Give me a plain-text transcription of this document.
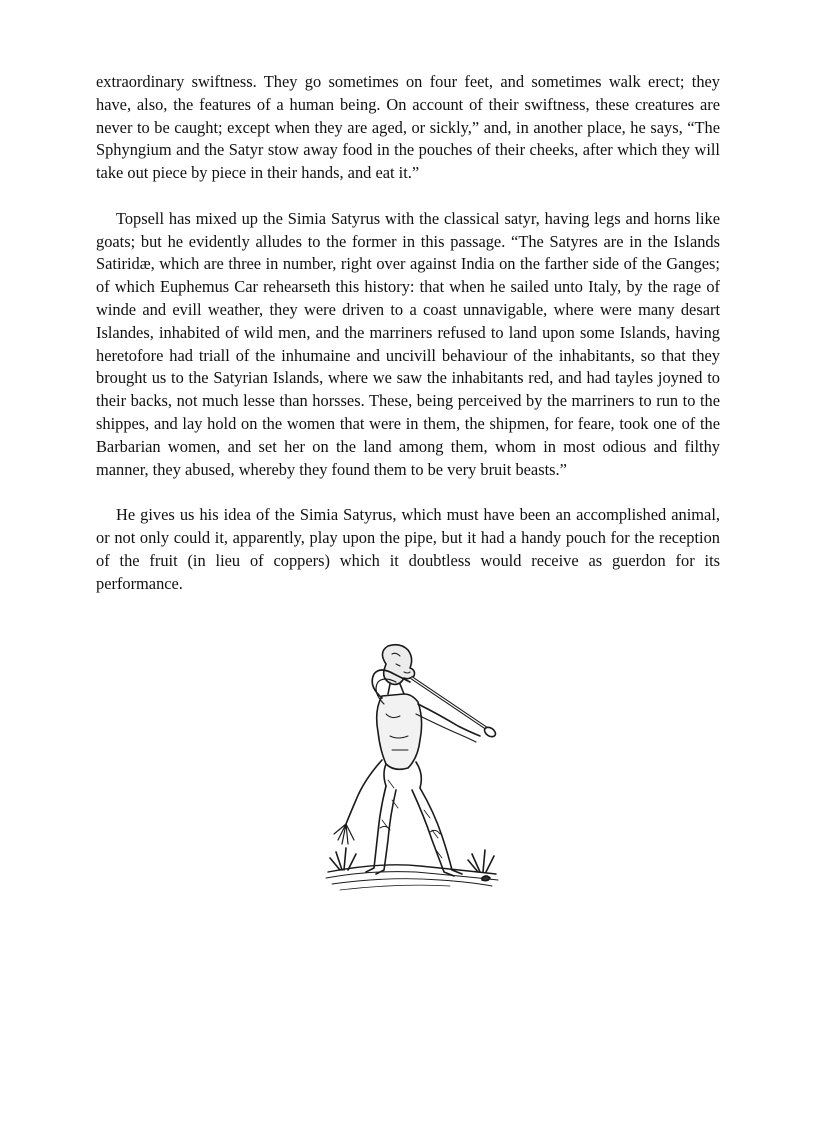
extraordinary swiftness. They go sometimes on four feet, and sometimes walk erect; they have, also, the features of a human being. On account of their swiftness, these creatures are never to be caught; except when they are aged, or sickly,” and, in another place, he says, “The Sphyngium and the Satyr stow away food in the pouches of their cheeks, after which they will take out piece by piece in their hands, and eat it.”

Topsell has mixed up the Simia Satyrus with the classical satyr, having legs and horns like goats; but he evidently alludes to the former in this passage. “The Satyres are in the Islands Satiridæ, which are three in number, right over against India on the farther side of the Ganges; of which Euphemus Car rehearseth this history: that when he sailed unto Italy, by the rage of winde and evill weather, they were driven to a coast unnavigable, where were many desart Islandes, inhabited of wild men, and the marriners refused to land upon some Islands, having heretofore had triall of the inhumaine and uncivill behaviour of the inhabitants, so that they brought us to the Satyrian Islands, where we saw the inhabitants red, and had tayles joyned to their backs, not much lesse than horsses. These, being perceived by the marriners to run to the shippes, and lay hold on the women that were in them, the shipmen, for feare, took one of the Barbarian women, and set her on the land among them, whom in most odious and filthy manner, they abused, whereby they found them to be very bruit beasts.”

He gives us his idea of the Simia Satyrus, which must have been an accomplished animal, or not only could it, apparently, play upon the pipe, but it had a handy pouch for the reception of the fruit (in lieu of coppers) which it doubtless would receive as guerdon for its performance.
